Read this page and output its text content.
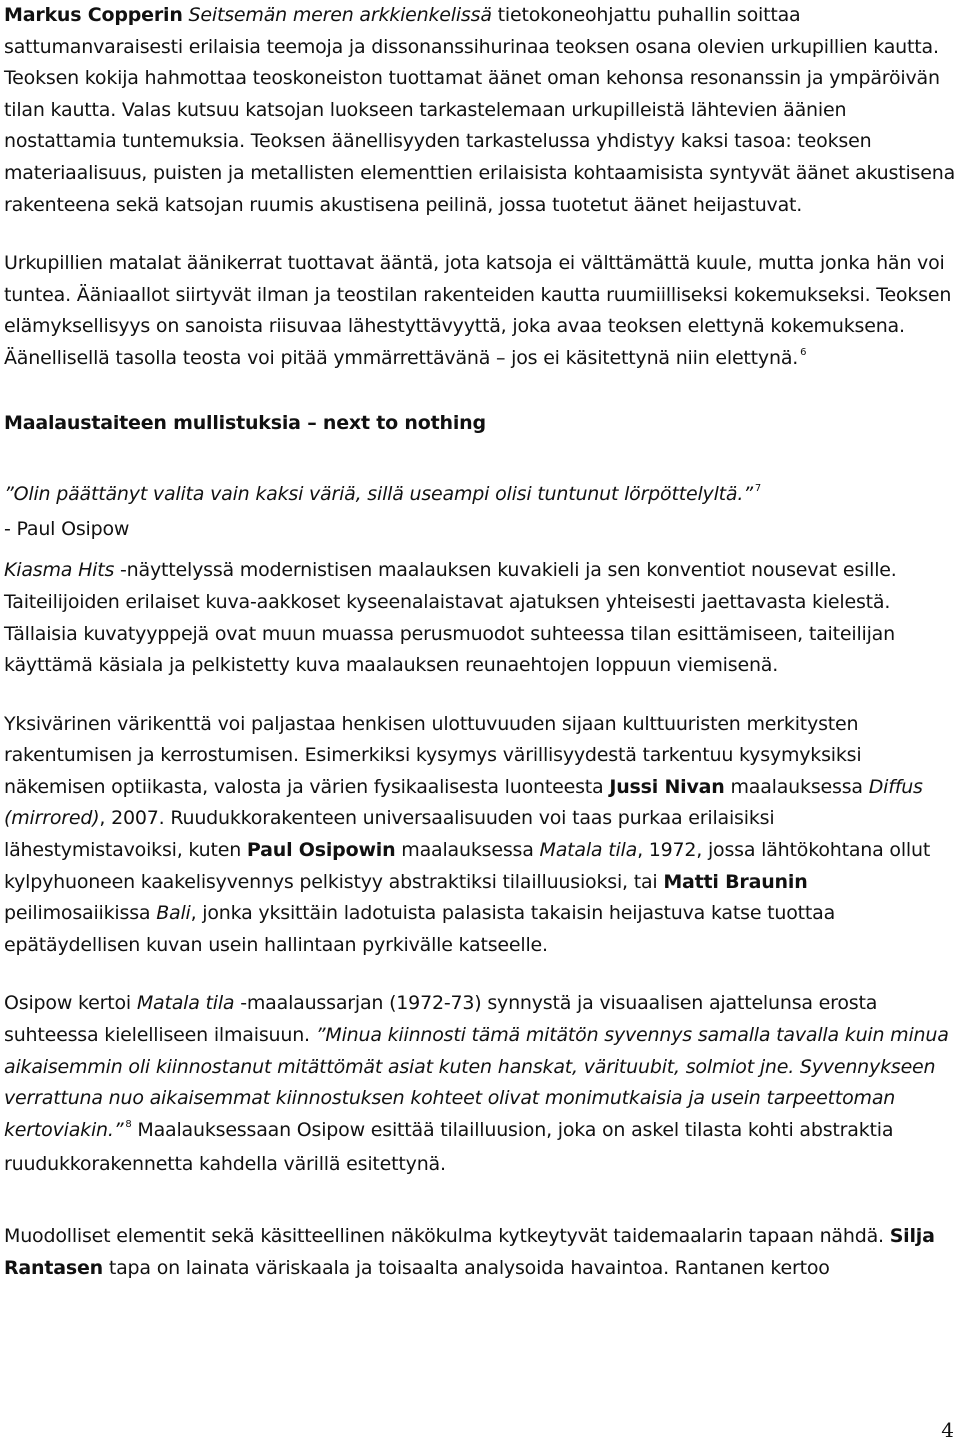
Markus Copperin Seitsemän meren arkkienkelissä tietokoneohjattu puhallin soittaa sattumanvaraisesti erilaisia teemoja ja dissonanssihurinaa teoksen osana olevien urkupillien kautta. Teoksen kokija hahmottaa teoskoneiston tuottamat äänet oman kehonsa resonanssin ja ympäröivän tilan kautta. Valas kutsuu katsojan luokseen tarkastelemaan urkupilleistä lähtevien äänien nostattamia tuntemuksia. Teoksen äänellisyyden tarkastelussa yhdistyy kaksi tasoa: teoksen materiaalisuus, puisten ja metallisten elementtien erilaisista kohtaamisista syntyvät äänet akustisena rakenteena sekä katsojan ruumis akustisena peilinä, jossa tuotetut äänet heijastuvat.

Urkupillien matalat äänikerrat tuottavat ääntä, jota katsoja ei välttämättä kuule, mutta jonka hän voi tuntea. Ääniaallot siirtyvät ilman ja teostilan rakenteiden kautta ruumiilliseksi kokemukseksi. Teoksen elämyksellisyys on sanoista riisuvaa lähestyttävyyttä, joka avaa teoksen elettynä kokemuksena. Äänellisellä tasolla teosta voi pitää ymmärrettävänä – jos ei käsitettynä niin elettynä. $^6$

Maalaustaiteen mullistuksia – next to nothing

”Olin päättänyt valita vain kaksi väriä, sillä useampi olisi tuntunut lörpöttelyltä.” $^7$

- Paul Osipow

Kiasma Hits -näyttelyssä modernistisen maalauksen kuvakieli ja sen konventiot nousevat esille. Taiteilijoiden erilaiset kuva-aakkoset kyseenalaistavat ajatuksen yhteisesti jaettavasta kielestä. Tällaisia kuvatyyppejä ovat muun muassa perusmuodot suhteessa tilan esittämiseen, taiteilijan käyttämä käsiala ja pelkistetty kuva maalauksen reunaehtojen loppuun viemisenä.

Yksivärinen värikenttä voi paljastaa henkisen ulottuvuuden sijaan kulttuuristen merkitysten rakentumisen ja kerrostumisen. Esimerkiksi kysymys värillisyydestä tarkentuu kysymyksiksi näkemisen optiikasta, valosta ja värien fysikaalisesta luonteesta Jussi Nivan maalauksessa Diffus (mirrored), 2007. Ruudukkorakenteen universaalisuuden voi taas purkaa erilaisiksi lähestymistavoiksi, kuten Paul Osipowin maalauksessa Matala tila, 1972, jossa lähtökohtana ollut kylpyhuoneen kaakelisyvennys pelkistyy abstraktiksi tilailluusioksi, tai Matti Braunin peilimosaiikissa Bali, jonka yksittäin ladotuista palasista takaisin heijastuva katse tuottaa epätäydellisen kuvan usein hallintaan pyrkivälle katseelle.

Osipow kertoi Matala tila -maalaussarjan (1972-73) synnystä ja visuaalisen ajattelunsa erosta suhteessa kielelliseen ilmaisuun. ”Minua kiinnosti tämä mitätön syvennys samalla tavalla kuin minua aikaisemmin oli kiinnostanut mitättömät asiat kuten hanskat, värituubit, solmiot jne. Syvennykseen verrattuna nuo aikaisemmat kiinnostuksen kohteet olivat monimutkaisia ja usein tarpeettoman kertoviakin.” $^8$ Maalauksessaan Osipow esittää tilailluusion, joka on askel tilasta kohti abstraktia ruudukkorakennetta kahdella värillä esitettynä.

Muodolliset elementit sekä käsitteellinen näkökulma kytkeytyvät taidemaalarin tapaan nähdä. Silja Rantasen tapa on lainata väriskaala ja toisaalta analysoida havaintoa. Rantanen kertoo

4
